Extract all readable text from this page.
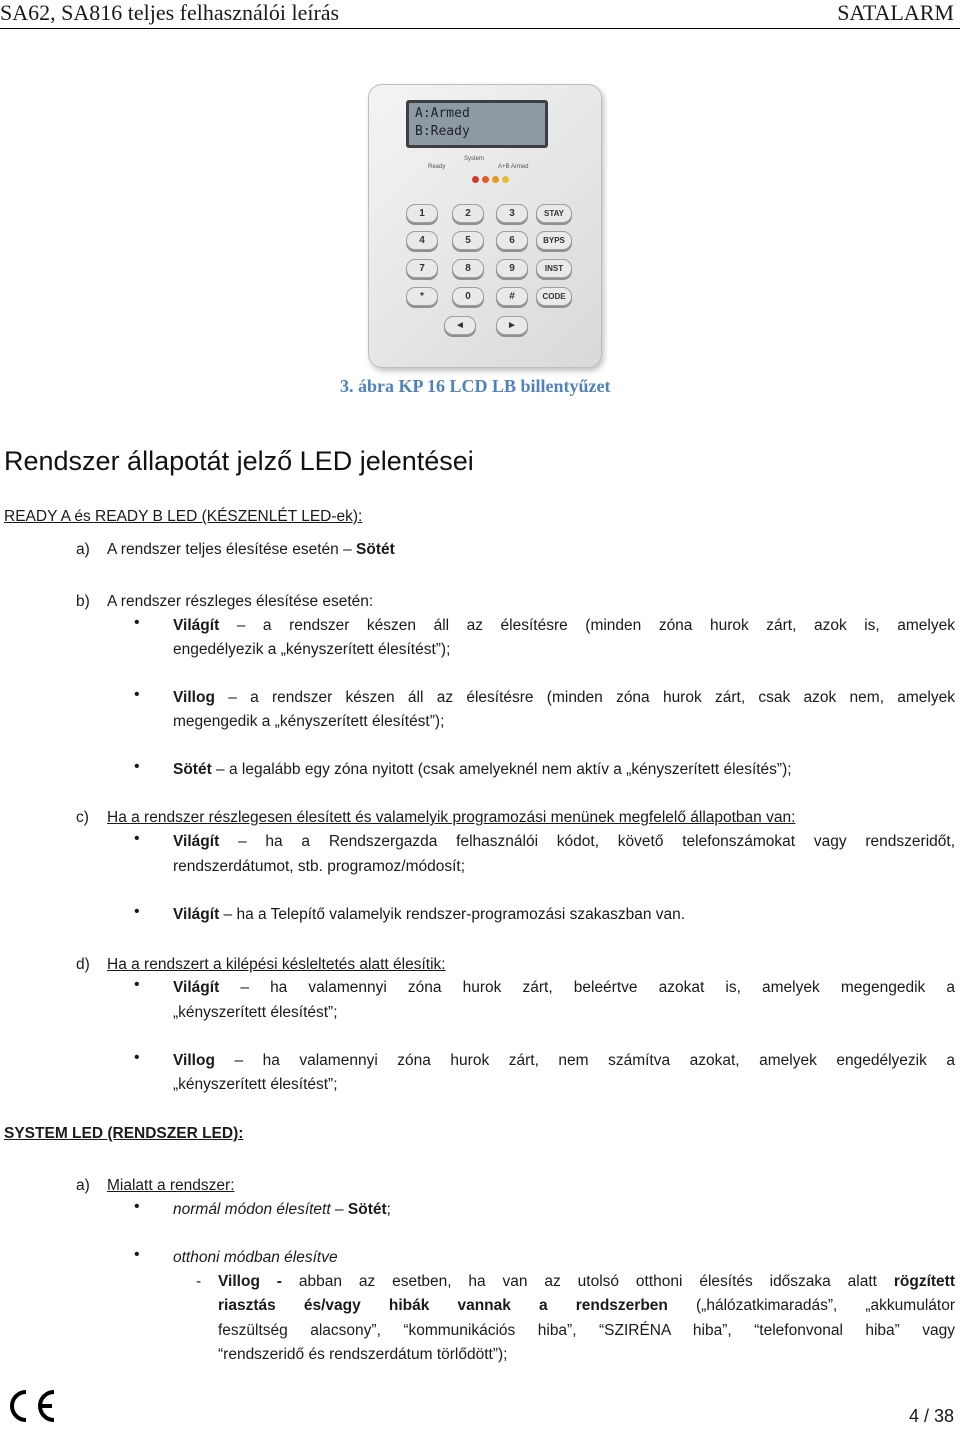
SA62, SA816 teljes felhasználói leírás	SATALARM
A:Armed
B:Ready
System
Ready	A+B Armed
1	2	3	STAY
4	5	6	BYPS
7	8	9	INST
*	0	#	CODE
◄	►
3. ábra KP 16 LCD LB billentyűzet
Rendszer állapotát jelző LED jelentései
READY A és READY B LED (KÉSZENLÉT LED-ek):
a) A rendszer teljes élesítése esetén – Sötét
b) A rendszer részleges élesítése esetén:
• Világít – a rendszer készen áll az élesítésre (minden zóna hurok zárt, azok is, amelyek
engedélyezik a „kényszerített élesítést”);
• Villog – a rendszer készen áll az élesítésre (minden zóna hurok zárt, csak azok nem, amelyek
megengedik a „kényszerített élesítést”);
• Sötét – a legalább egy zóna nyitott (csak amelyeknél nem aktív a „kényszerített élesítés”);
c) Ha a rendszer részlegesen élesített és valamelyik programozási menünek megfelelő állapotban van:
• Világít – ha a Rendszergazda felhasználói kódot, követő telefonszámokat vagy rendszeridőt,
rendszerdátumot, stb. programoz/módosít;
• Világít – ha a Telepítő valamelyik rendszer-programozási szakaszban van.
d) Ha a rendszert a kilépési késleltetés alatt élesítik:
• Világít – ha valamennyi zóna hurok zárt, beleértve azokat is, amelyek megengedik a
„kényszerített élesítést”;
• Villog – ha valamennyi zóna hurok zárt, nem számítva azokat, amelyek engedélyezik a
„kényszerített élesítést”;
SYSTEM LED (RENDSZER LED):
a) Mialatt a rendszer:
• normál módon élesített – Sötét;
• otthoni módban élesítve
- Villog - abban az esetben, ha van az utolsó otthoni élesítés időszaka alatt rögzített
riasztás és/vagy hibák vannak a rendszerben („hálózatkimaradás”, „akkumulátor
feszültség alacsony”, “kommunikációs hiba”, “SZIRÉNA hiba”, “telefonvonal hiba” vagy
“rendszeridő és rendszerdátum törlődött”);
4 / 38
